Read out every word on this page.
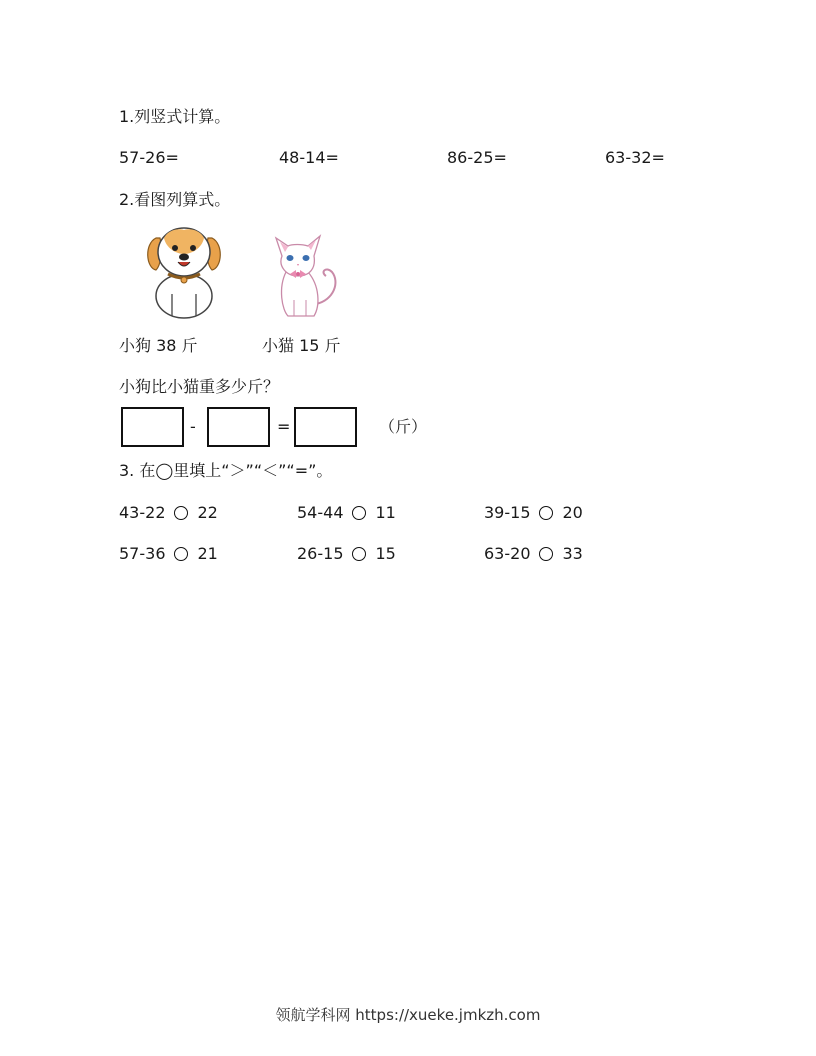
1.列竖式计算。
57-26=	48-14=	86-25=	63-32=
2.看图列算式。
小狗 38 斤	小猫 15 斤
小狗比小猫重多少斤？
-	=	（斤）
3. 在◯里填上“＞”“＜”“=”。
43-22 22	54-44 11	39-15 20
57-36 21	26-15 15	63-20 33
领航学科网 https://xueke.jmkzh.com
